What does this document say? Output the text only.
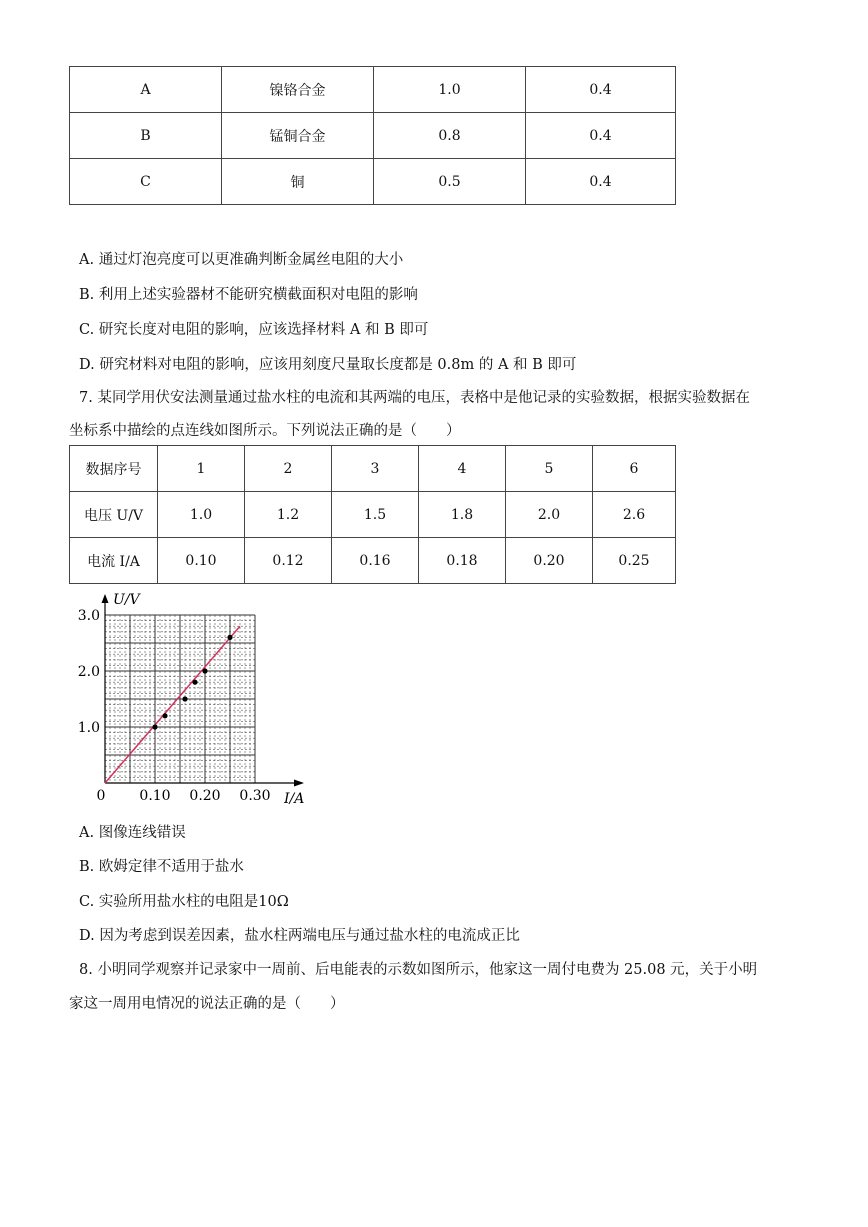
A	镍铬合金	1.0	0.4
B	锰铜合金	0.8	0.4
C	铜	0.5	0.4
A. 通过灯泡亮度可以更准确判断金属丝电阻的大小
B. 利用上述实验器材不能研究横截面积对电阻的影响
C. 研究长度对电阻的影响，应该选择材料 A 和 B 即可
D. 研究材料对电阻的影响，应该用刻度尺量取长度都是 0.8m 的 A 和 B 即可
7. 某同学用伏安法测量通过盐水柱的电流和其两端的电压，表格中是他记录的实验数据，根据实验数据在
坐标系中描绘的点连线如图所示。下列说法正确的是（　　）
数据序号	1	2	3	4	5	6
电压 U/V	1.0	1.2	1.5	1.8	2.0	2.6
电流 I/A	0.10	0.12	0.16	0.18	0.20	0.25
U/V
I/A
0
1.0
2.0
3.0
0.10 0.20 0.30
A. 图像连线错误
B. 欧姆定律不适用于盐水
C. 实验所用盐水柱的电阻是10Ω
D. 因为考虑到误差因素，盐水柱两端电压与通过盐水柱的电流成正比
8. 小明同学观察并记录家中一周前、后电能表的示数如图所示，他家这一周付电费为 25.08 元，关于小明
家这一周用电情况的说法正确的是（　　）
